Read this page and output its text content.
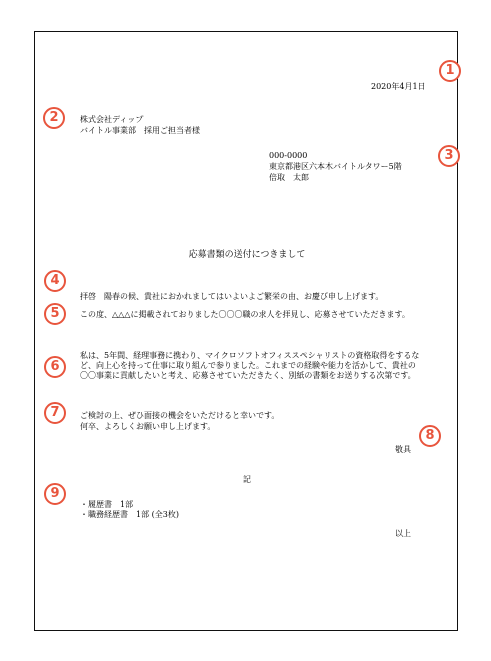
2020年4月1日
株式会社ディップ
バイトル事業部　採用ご担当者様
000-0000
東京都港区六本木バイトルタワー5階
倍取　太郎
応募書類の送付につきまして
拝啓　陽春の候、貴社におかれましてはいよいよご繁栄の由、お慶び申し上げます。
この度、△△△に掲載されておりました〇〇〇職の求人を拝見し、応募させていただきます。
私は、5年間、経理事務に携わり、マイクロソフトオフィススペシャリストの資格取得をするなど、向上心を持って仕事に取り組んで参りました。これまでの経験や能力を活かして、貴社の〇〇事業に貢献したいと考え、応募させていただきたく、別紙の書類をお送りする次第です。
ご検討の上、ぜひ面接の機会をいただけると幸いです。
何卒、よろしくお願い申し上げます。
敬具
記
・履歴書　1部
・職務経歴書　1部 (全3枚)
以上
1
2
3
4
5
6
7
8
9
